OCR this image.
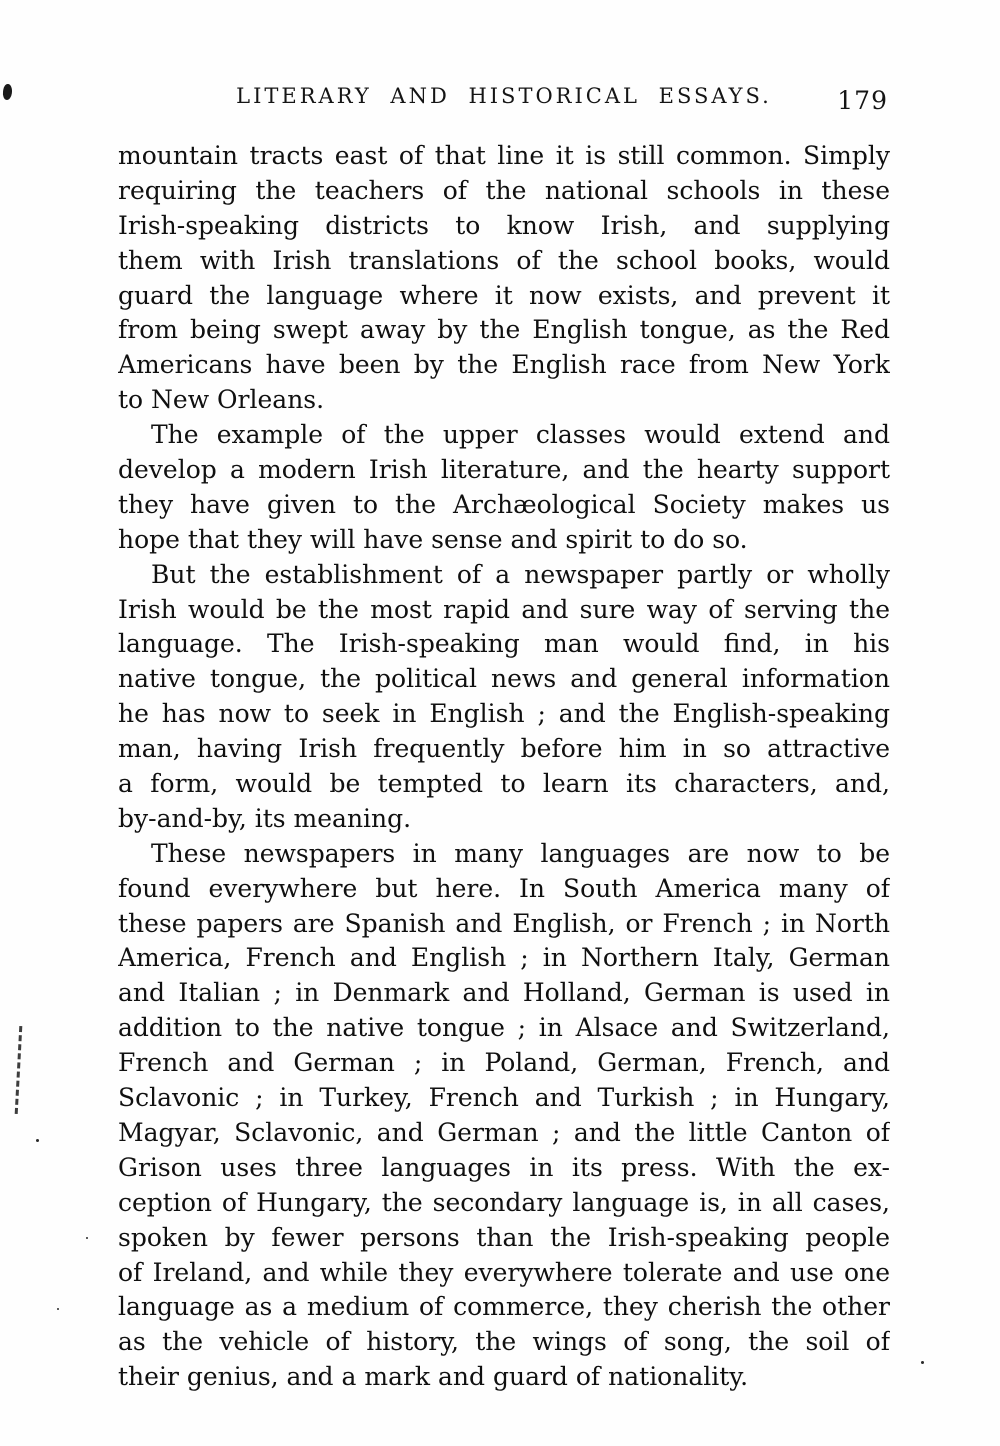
LITERARY AND HISTORICAL ESSAYS.	179
mountain tracts east of that line it is still common. Simply
requiring the teachers of the national schools in these
Irish-speaking districts to know Irish, and supplying
them with Irish translations of the school books, would
guard the language where it now exists, and prevent it
from being swept away by the English tongue, as the Red
Americans have been by the English race from New York
to New Orleans.
The example of the upper classes would extend and
develop a modern Irish literature, and the hearty support
they have given to the Archæological Society makes us
hope that they will have sense and spirit to do so.
But the establishment of a newspaper partly or wholly
Irish would be the most rapid and sure way of serving the
language. The Irish-speaking man would find, in his
native tongue, the political news and general information
he has now to seek in English ; and the English-speaking
man, having Irish frequently before him in so attractive
a form, would be tempted to learn its characters, and,
by-and-by, its meaning.
These newspapers in many languages are now to be
found everywhere but here. In South America many of
these papers are Spanish and English, or French ; in North
America, French and English ; in Northern Italy, German
and Italian ; in Denmark and Holland, German is used in
addition to the native tongue ; in Alsace and Switzerland,
French and German ; in Poland, German, French, and
Sclavonic ; in Turkey, French and Turkish ; in Hungary,
Magyar, Sclavonic, and German ; and the little Canton of
Grison uses three languages in its press. With the ex-
ception of Hungary, the secondary language is, in all cases,
spoken by fewer persons than the Irish-speaking people
of Ireland, and while they everywhere tolerate and use one
language as a medium of commerce, they cherish the other
as the vehicle of history, the wings of song, the soil of
their genius, and a mark and guard of nationality.
